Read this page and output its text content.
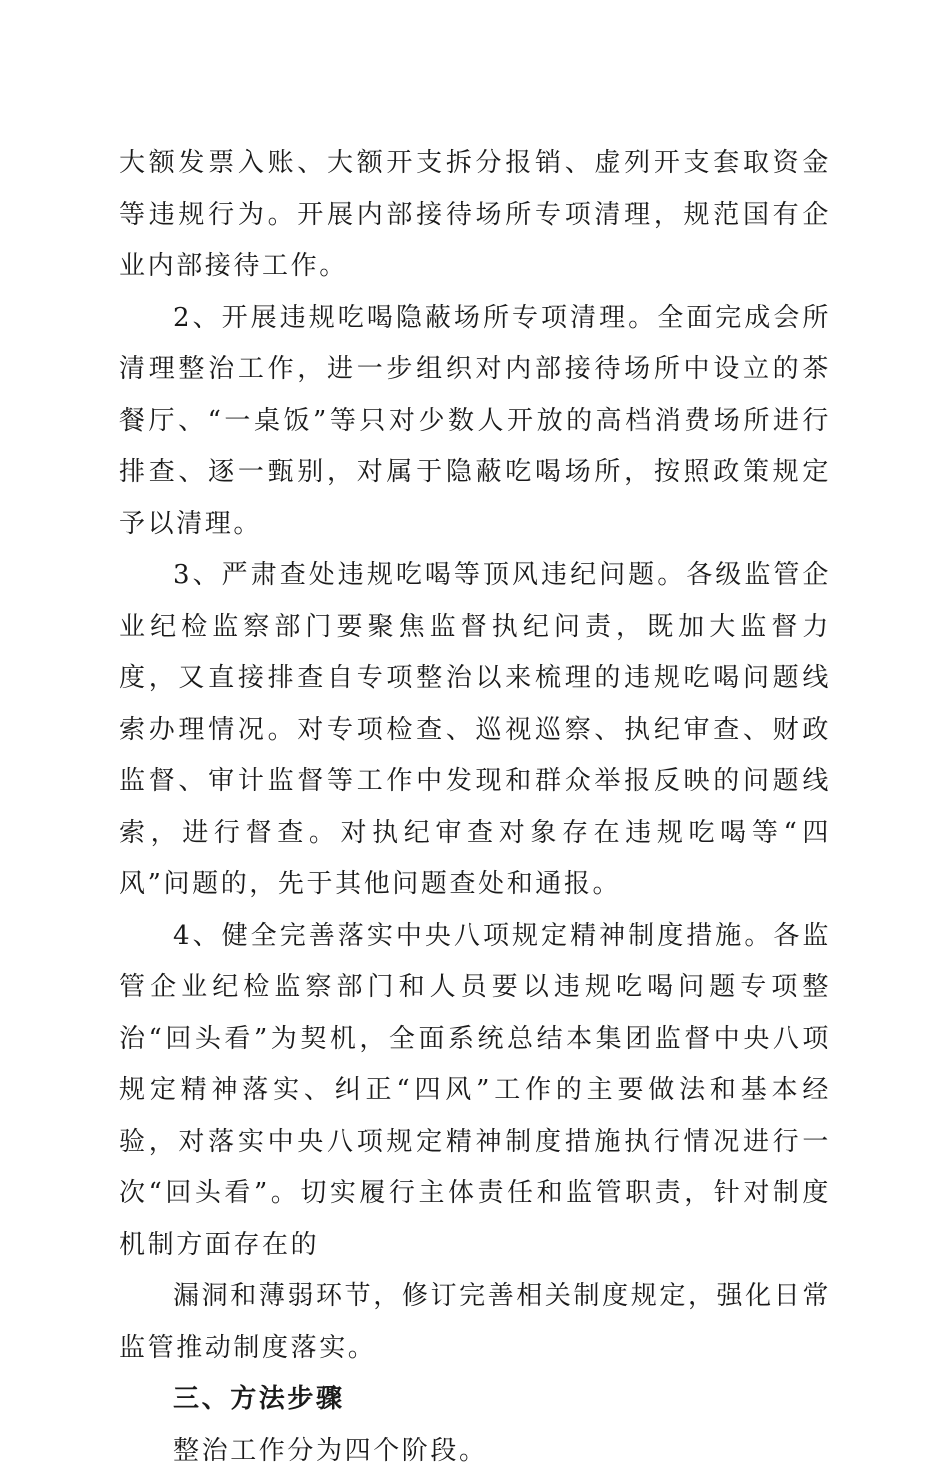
大额发票入账、大额开支拆分报销、虚列开支套取资金等违规行为。开展内部接待场所专项清理，规范国有企业内部接待工作。

2、开展违规吃喝隐蔽场所专项清理。全面完成会所清理整治工作，进一步组织对内部接待场所中设立的茶餐厅、“一桌饭”等只对少数人开放的高档消费场所进行排查、逐一甄别，对属于隐蔽吃喝场所，按照政策规定予以清理。

3、严肃查处违规吃喝等顶风违纪问题。各级监管企业纪检监察部门要聚焦监督执纪问责，既加大监督力度，又直接排查自专项整治以来梳理的违规吃喝问题线索办理情况。对专项检查、巡视巡察、执纪审查、财政监督、审计监督等工作中发现和群众举报反映的问题线索，进行督查。对执纪审查对象存在违规吃喝等“四风”问题的，先于其他问题查处和通报。

4、健全完善落实中央八项规定精神制度措施。各监管企业纪检监察部门和人员要以违规吃喝问题专项整治“回头看”为契机，全面系统总结本集团监督中央八项规定精神落实、纠正“四风”工作的主要做法和基本经验，对落实中央八项规定精神制度措施执行情况进行一次“回头看”。切实履行主体责任和监管职责，针对制度机制方面存在的

漏洞和薄弱环节，修订完善相关制度规定，强化日常监管推动制度落实。

三、方法步骤

整治工作分为四个阶段。
